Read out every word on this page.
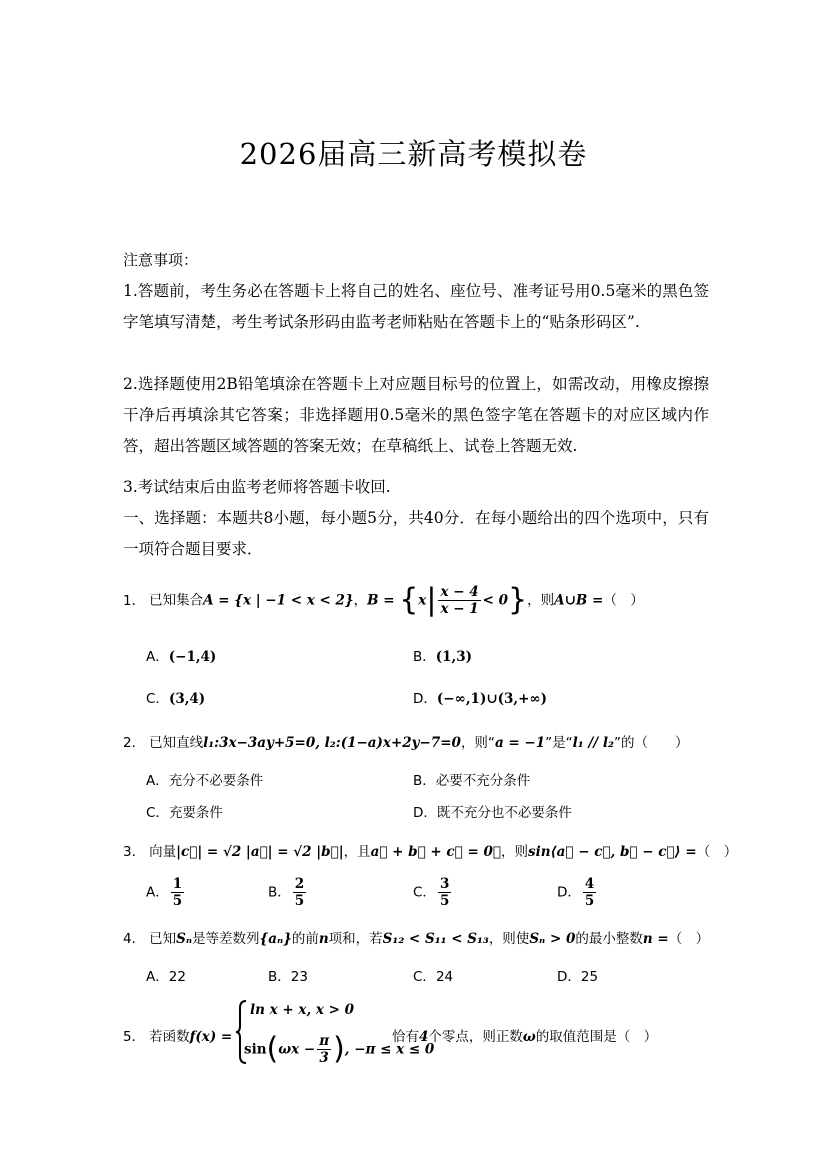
2026届高三新高考模拟卷
注意事项：
1.答题前，考生务必在答题卡上将自己的姓名、座位号、准考证号用0.5毫米的黑色签字笔填写清楚，考生考试条形码由监考老师粘贴在答题卡上的“贴条形码区”.
2.选择题使用2B铅笔填涂在答题卡上对应题目标号的位置上，如需改动，用橡皮擦擦干净后再填涂其它答案；非选择题用0.5毫米的黑色签字笔在答题卡的对应区域内作答，超出答题区域答题的答案无效；在草稿纸上、试卷上答题无效.
3.考试结束后由监考老师将答题卡收回.
一、选择题：本题共8小题，每小题5分，共40分．在每小题给出的四个选项中，只有一项符合题目要求．
1． 已知集合A = {x | −1 < x < 2}，$B = \{x| \frac{x - 4}{x - 1} < 0\}$，则A∪B =（　）
A．(−1,4)	B．(1,3)
C．(3,4)	D．(−∞,1)∪(3,+∞)
2． 已知直线l₁:3x−3ay+5=0, l₂:(1−a)x+2y−7=0，则“a = −1”是“l₁ // l₂”的（　　）
A．充分不必要条件	B．必要不充分条件
C．充要条件	D．既不充分也不必要条件
3． 向量|c⃗| = √2 |a⃗| = √2 |b⃗|，且a⃗ + b⃗ + c⃗ = 0⃗，则sin⟨a⃗ − c⃗, b⃗ − c⃗⟩ =（　）
A． $\frac{1}{5}$	B． $\frac{2}{5}$	C． $\frac{3}{5}$	D． $\frac{4}{5}$
4． 已知Sₙ是等差数列{aₙ}的前n项和，若S₁₂ < S₁₁ < S₁₃，则使Sₙ > 0的最小整数n =（　）
A．22	B．23	C．24	D．25
5． 若函数f(x) =
ln x + x, x > 0
$\sin(\omega x - \frac{\pi}{3}$ ), −π ≤ x ≤ 0
恰有4个零点，则正数ω的取值范围是（　）
